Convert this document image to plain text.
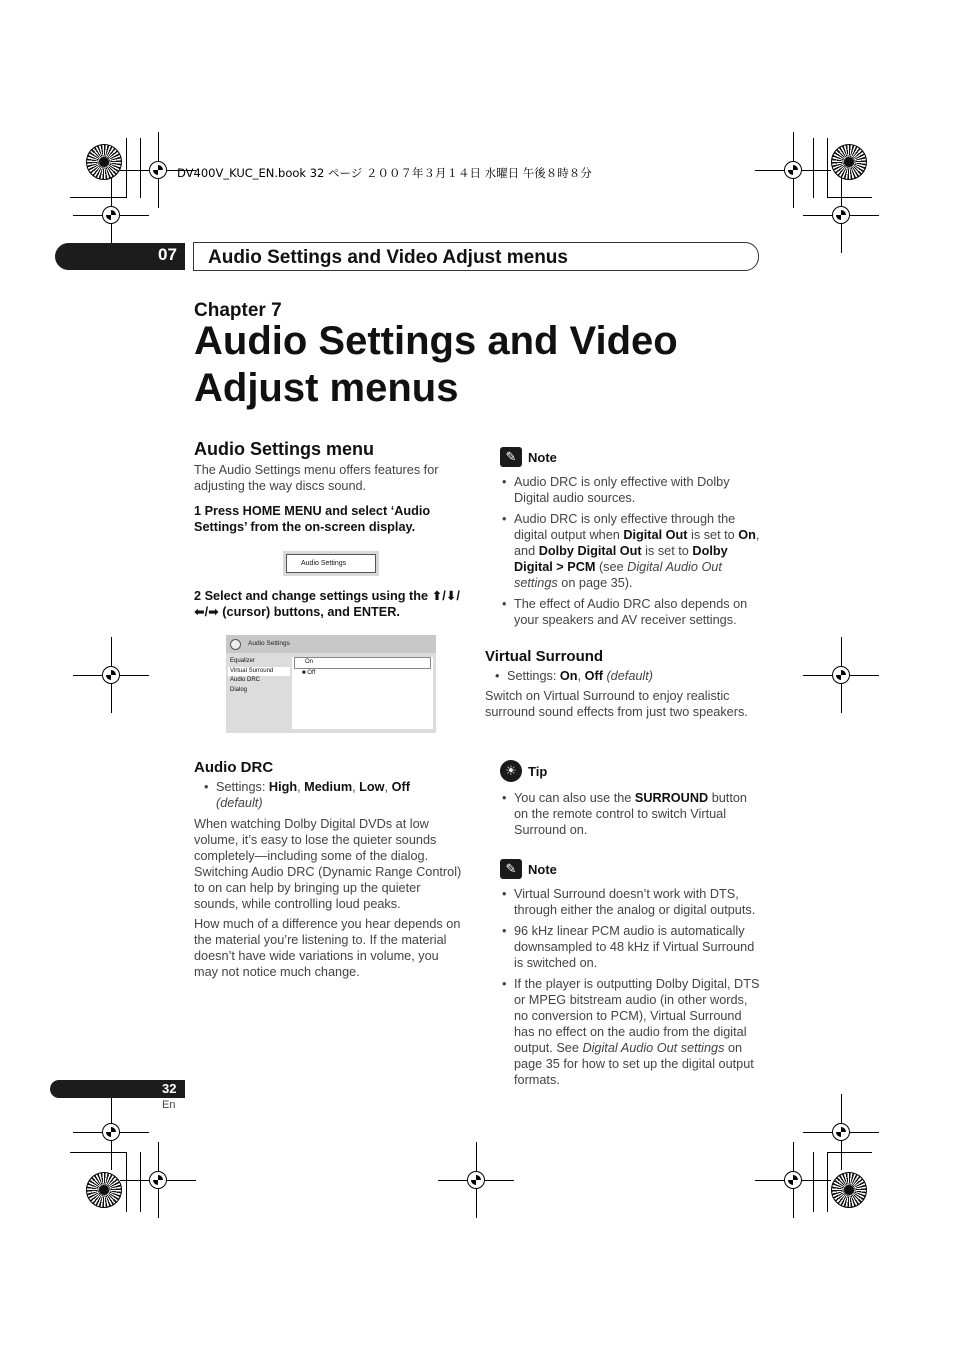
DV400V_KUC_EN.book 32 ページ ２００７年３月１４日 水曜日 午後８時８分
07 Audio Settings and Video Adjust menus
Chapter 7
Audio Settings and Video
Adjust menus
Audio Settings menu

The Audio Settings menu offers features for adjusting the way discs sound.

1 Press HOME MENU and select ‘Audio Settings’ from the on-screen display.

Audio Settings

2 Select and change settings using the ⬆/⬇/⬅/➡ (cursor) buttons, and ENTER.

Audio Settings
Equalizer
Virtual Surround
Audio DRC
Dialog
On
■ Off
Audio DRC
• Settings: High, Medium, Low, Off
(default)

When watching Dolby Digital DVDs at low volume, it’s easy to lose the quieter sounds completely—including some of the dialog. Switching Audio DRC (Dynamic Range Control) to on can help by bringing up the quieter sounds, while controlling loud peaks.

How much of a difference you hear depends on the material you’re listening to. If the material doesn’t have wide variations in volume, you may not notice much change.

✎ Note
• Audio DRC is only effective with Dolby Digital audio sources.
• Audio DRC is only effective through the digital output when Digital Out is set to On, and Dolby Digital Out is set to Dolby Digital > PCM (see Digital Audio Out settings on page 35).
• The effect of Audio DRC also depends on your speakers and AV receiver settings.
Virtual Surround
• Settings: On, Off (default)

Switch on Virtual Surround to enjoy realistic surround sound effects from just two speakers.

☀ Tip
• You can also use the SURROUND button on the remote control to switch Virtual Surround on.
✎ Note
• Virtual Surround doesn’t work with DTS, through either the analog or digital outputs.
• 96 kHz linear PCM audio is automatically downsampled to 48 kHz if Virtual Surround is switched on.
• If the player is outputting Dolby Digital, DTS or MPEG bitstream audio (in other words, no conversion to PCM), Virtual Surround has no effect on the audio from the digital output. See Digital Audio Out settings on page 35 for how to set up the digital output formats.
32
En
